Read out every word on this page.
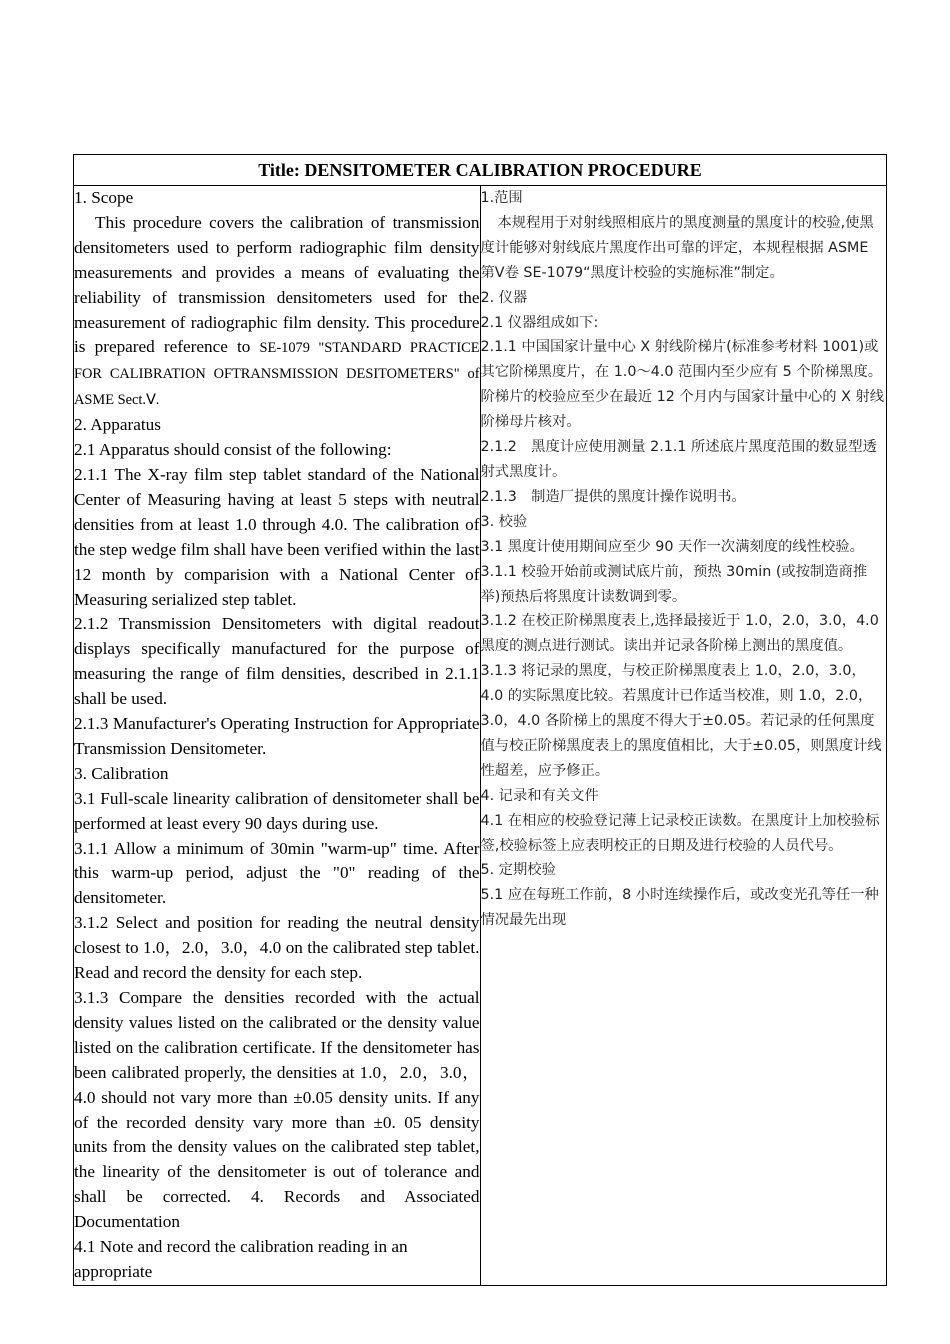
Title: DENSITOMETER CALIBRATION PROCEDURE

1. Scope

This procedure covers the calibration of transmission densitometers used to perform radiographic film density measurements and provides a means of evaluating the reliability of transmission densitometers used for the measurement of radiographic film density. This procedure is prepared reference to SE-1079 "STANDARD PRACTICE FOR CALIBRATION OFTRANSMISSION DESITOMETERS" of ASME Sect.Ⅴ.

2. Apparatus

2.1 Apparatus should consist of the following:

2.1.1 The X-ray film step tablet standard of the National Center of Measuring having at least 5 steps with neutral densities from at least 1.0 through 4.0. The calibration of the step wedge film shall have been verified within the last 12 month by comparision with a National Center of Measuring serialized step tablet.

2.1.2 Transmission Densitometers with digital readout displays specifically manufactured for the purpose of measuring the range of film densities, described in 2.1.1 shall be used.

2.1.3 Manufacturer's Operating Instruction for Appropriate Transmission Densitometer.

3. Calibration

3.1 Full-scale linearity calibration of densitometer shall be performed at least every 90 days during use.

3.1.1 Allow a minimum of 30min "warm-up" time. After this warm-up period, adjust the "0" reading of the densitometer.

3.1.2 Select and position for reading the neutral density closest to 1.0，2.0，3.0，4.0 on the calibrated step tablet. Read and record the density for each step.

3.1.3 Compare the densities recorded with the actual density values listed on the calibrated or the density value listed on the calibration certificate. If the densitometer has been calibrated properly, the densities at 1.0，2.0，3.0，4.0 should not vary more than ±0.05 density units. If any of the recorded density vary more than ±0. 05 density units from the density values on the calibrated step tablet, the linearity of the densitometer is out of tolerance and shall be corrected. 4. Records and Associated Documentation

4.1 Note and record the calibration reading in an appropriate

1.范围

本规程用于对射线照相底片的黑度测量的黑度计的校验,使黑度计能够对射线底片黑度作出可靠的评定，本规程根据 ASME 第Ⅴ卷 SE-1079“黑度计校验的实施标准”制定。

2. 仪器

2.1 仪器组成如下:

2.1.1 中国国家计量中心 X 射线阶梯片(标准参考材料 1001)或其它阶梯黑度片，在 1.0～4.0 范围内至少应有 5 个阶梯黑度。阶梯片的校验应至少在最近 12 个月内与国家计量中心的 X 射线阶梯母片核对。

2.1.2　黑度计应使用测量 2.1.1 所述底片黑度范围的数显型透射式黑度计。

2.1.3　制造厂提供的黑度计操作说明书。

3. 校验

3.1 黑度计使用期间应至少 90 天作一次满刻度的线性校验。

3.1.1 校验开始前或测试底片前，预热 30min (或按制造商推举)预热后将黑度计读数调到零。

3.1.2 在校正阶梯黑度表上,选择最接近于 1.0，2.0，3.0，4.0 黑度的测点进行测试。读出并记录各阶梯上测出的黑度值。

3.1.3 将记录的黑度，与校正阶梯黑度表上 1.0，2.0，3.0，4.0 的实际黑度比较。若黑度计已作适当校准，则 1.0，2.0，3.0，4.0 各阶梯上的黑度不得大于±0.05。若记录的任何黑度值与校正阶梯黑度表上的黑度值相比，大于±0.05，则黑度计线性超差，应予修正。

4. 记录和有关文件

4.1 在相应的校验登记薄上记录校正读数。在黑度计上加校验标签,校验标签上应表明校正的日期及进行校验的人员代号。

5. 定期校验

5.1 应在每班工作前，8 小时连续操作后，或改变光孔等任一种情况最先出现
